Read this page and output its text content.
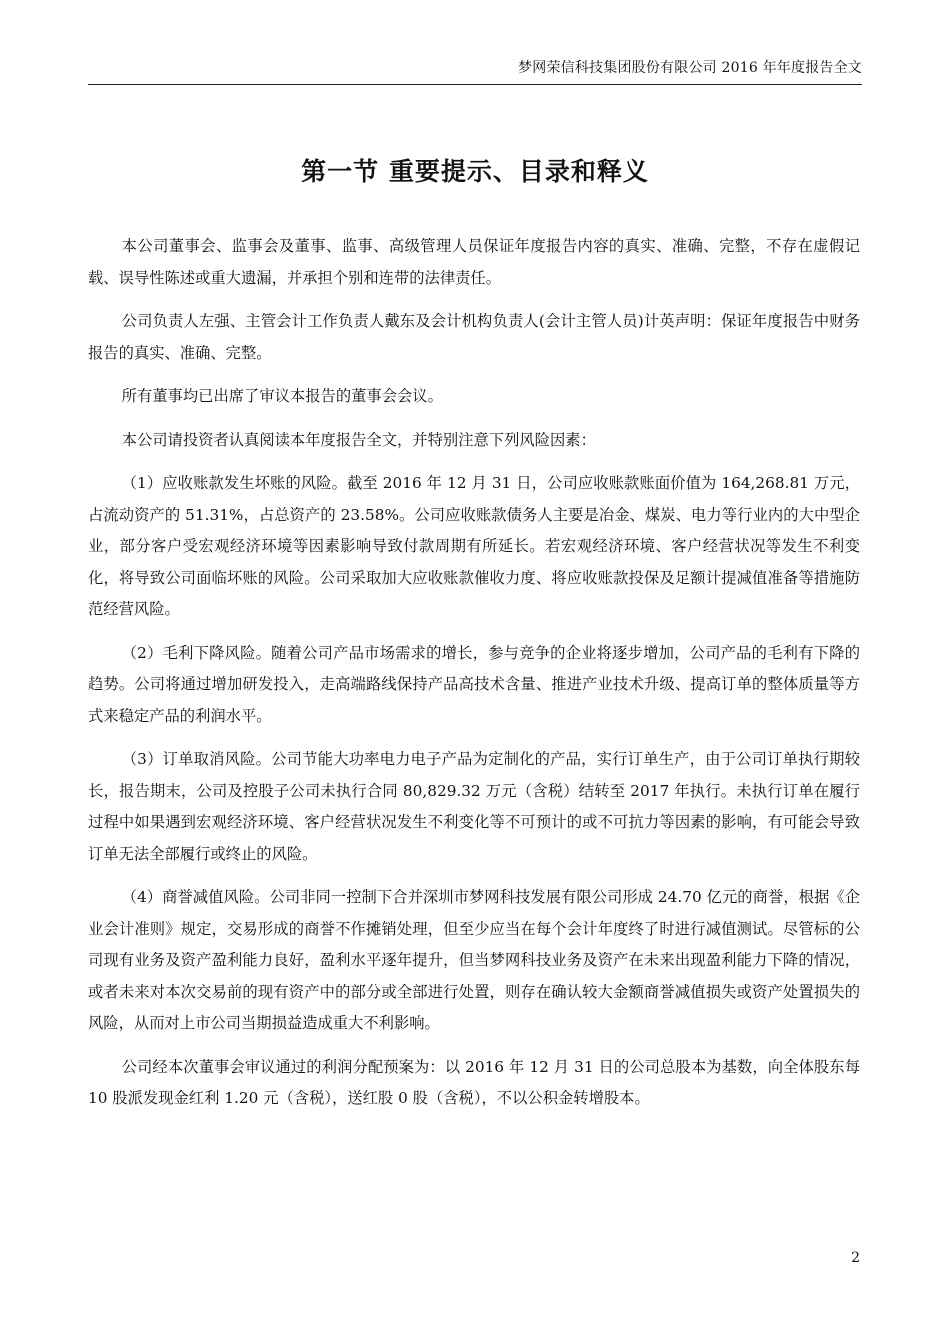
梦网荣信科技集团股份有限公司 2016 年年度报告全文
第一节 重要提示、目录和释义

本公司董事会、监事会及董事、监事、高级管理人员保证年度报告内容的真实、准确、完整，不存在虚假记载、误导性陈述或重大遗漏，并承担个别和连带的法律责任。

公司负责人左强、主管会计工作负责人戴东及会计机构负责人(会计主管人员)计英声明：保证年度报告中财务报告的真实、准确、完整。

所有董事均已出席了审议本报告的董事会会议。

本公司请投资者认真阅读本年度报告全文，并特别注意下列风险因素：

（1）应收账款发生坏账的风险。截至 2016 年 12 月 31 日，公司应收账款账面价值为 164,268.81 万元，占流动资产的 51.31%，占总资产的 23.58%。公司应收账款债务人主要是冶金、煤炭、电力等行业内的大中型企业，部分客户受宏观经济环境等因素影响导致付款周期有所延长。若宏观经济环境、客户经营状况等发生不利变化，将导致公司面临坏账的风险。公司采取加大应收账款催收力度、将应收账款投保及足额计提减值准备等措施防范经营风险。

（2）毛利下降风险。随着公司产品市场需求的增长，参与竞争的企业将逐步增加，公司产品的毛利有下降的趋势。公司将通过增加研发投入，走高端路线保持产品高技术含量、推进产业技术升级、提高订单的整体质量等方式来稳定产品的利润水平。

（3）订单取消风险。公司节能大功率电力电子产品为定制化的产品，实行订单生产，由于公司订单执行期较长，报告期末，公司及控股子公司未执行合同 80,829.32 万元（含税）结转至 2017 年执行。未执行订单在履行过程中如果遇到宏观经济环境、客户经营状况发生不利变化等不可预计的或不可抗力等因素的影响，有可能会导致订单无法全部履行或终止的风险。

（4）商誉减值风险。公司非同一控制下合并深圳市梦网科技发展有限公司形成 24.70 亿元的商誉，根据《企业会计准则》规定，交易形成的商誉不作摊销处理，但至少应当在每个会计年度终了时进行减值测试。尽管标的公司现有业务及资产盈利能力良好，盈利水平逐年提升，但当梦网科技业务及资产在未来出现盈利能力下降的情况，或者未来对本次交易前的现有资产中的部分或全部进行处置，则存在确认较大金额商誉减值损失或资产处置损失的风险，从而对上市公司当期损益造成重大不利影响。

公司经本次董事会审议通过的利润分配预案为：以 2016 年 12 月 31 日的公司总股本为基数，向全体股东每 10 股派发现金红利 1.20 元（含税），送红股 0 股（含税），不以公积金转增股本。

2
